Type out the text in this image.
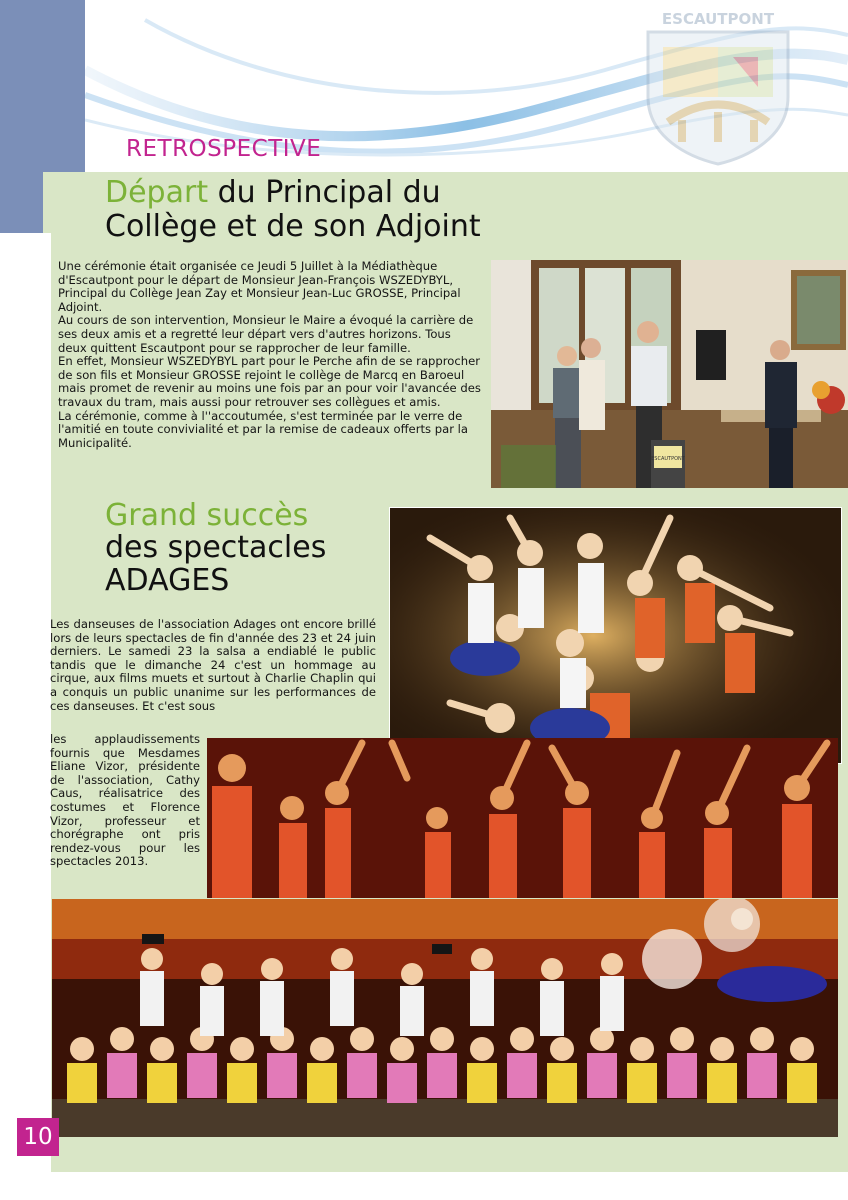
ESCAUTPONT
RETROSPECTIVE
Départ du Principal du Collège et de son Adjoint

Une cérémonie était organisée ce Jeudi 5 Juillet à la Médiathèque d'Escautpont pour le départ de Monsieur Jean-François WSZEDYBYL, Principal du Collège Jean Zay et Monsieur Jean-Luc GROSSE, Principal Adjoint.

Au cours de son intervention, Monsieur le Maire a évoqué la carrière de ses deux amis et a regretté leur départ vers d'autres horizons. Tous deux quittent Escautpont pour se rapprocher de leur famille.

En effet, Monsieur WSZEDYBYL part pour le Perche afin de se rapprocher de son fils et Monsieur GROSSE rejoint le collège de Marcq en Baroeul mais promet de revenir au moins une fois par an pour voir l'avancée des travaux du tram, mais aussi pour retrouver ses collègues et amis.

La cérémonie, comme à l''accoutumée, s'est terminée par le verre de l'amitié en toute convivialité et par la remise de cadeaux offerts par la Municipalité.

ESCAUTPONT
Grand succès
des spectacles
ADAGES

Les danseuses de l'association Adages ont encore brillé lors de leurs spectacles de fin d'année des 23 et 24 juin derniers. Le samedi 23 la salsa a endiablé le public tandis que le dimanche 24 c'est un hommage au cirque, aux films muets et surtout à Charlie Chaplin qui a conquis un public unanime sur les performances de ces danseuses. Et c'est sous

les applaudissements fournis que Mesdames Eliane Vizor, présidente de l'association, Cathy Caus, réalisatrice des costumes et Florence Vizor, professeur et chorégraphe ont pris rendez-vous pour les spectacles 2013.

10
